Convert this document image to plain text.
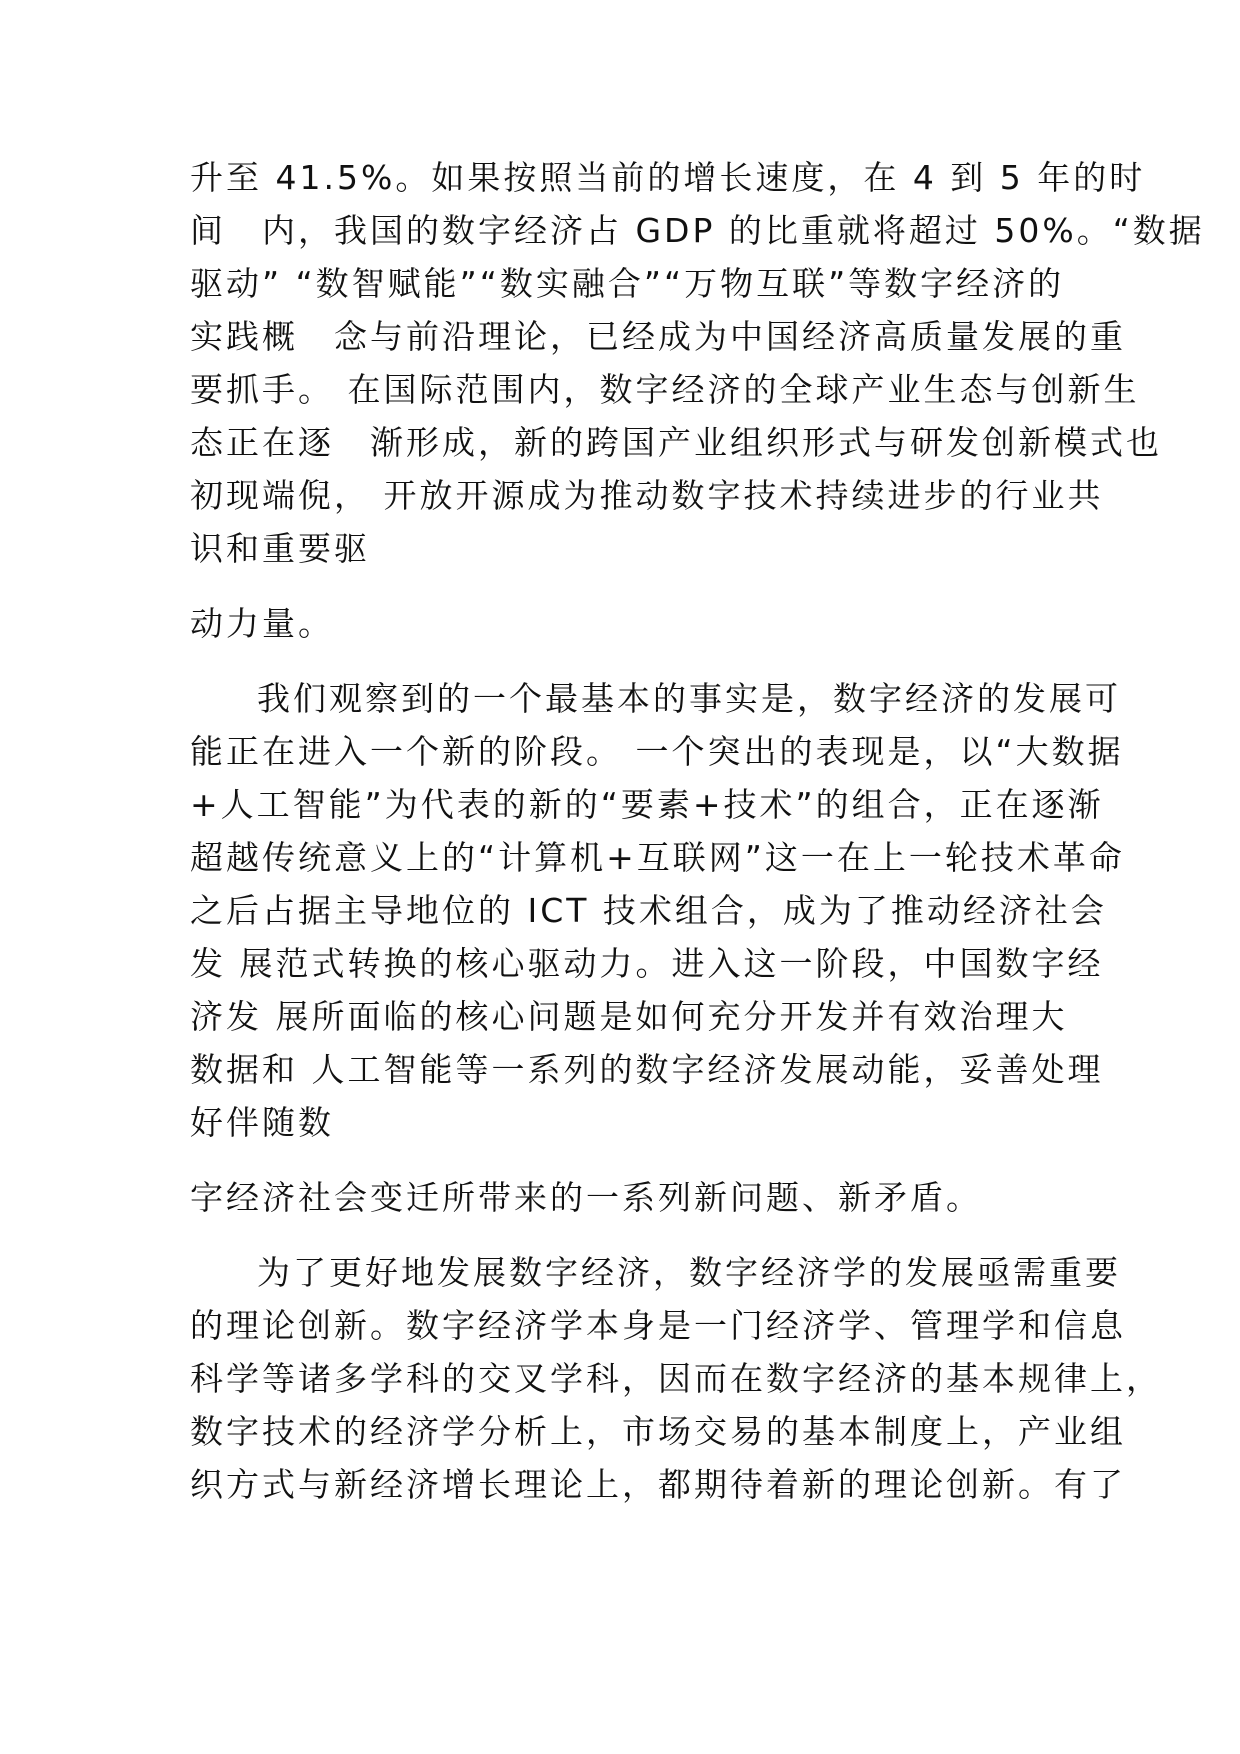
升至 41.5%。如果按照当前的增长速度，在 4 到 5 年的时
间　内，我国的数字经济占 GDP 的比重就将超过 50%。“数据
驱动” “数智赋能”“数实融合”“万物互联”等数字经济的
实践概　念与前沿理论，已经成为中国经济高质量发展的重
要抓手。 在国际范围内，数字经济的全球产业生态与创新生
态正在逐　渐形成，新的跨国产业组织形式与研发创新模式也
初现端倪， 开放开源成为推动数字技术持续进步的行业共
识和重要驱
动力量。
我们观察到的一个最基本的事实是，数字经济的发展可
能正在进入一个新的阶段。 一个突出的表现是，以“大数据
+人工智能”为代表的新的“要素+技术”的组合，正在逐渐
超越传统意义上的“计算机+互联网”这一在上一轮技术革命
之后占据主导地位的 ICT 技术组合，成为了推动经济社会
发 展范式转换的核心驱动力。进入这一阶段，中国数字经
济发 展所面临的核心问题是如何充分开发并有效治理大
数据和 人工智能等一系列的数字经济发展动能，妥善处理
好伴随数
字经济社会变迁所带来的一系列新问题、新矛盾。
为了更好地发展数字经济，数字经济学的发展亟需重要
的理论创新。数字经济学本身是一门经济学、管理学和信息
科学等诸多学科的交叉学科，因而在数字经济的基本规律上，
数字技术的经济学分析上，市场交易的基本制度上，产业组
织方式与新经济增长理论上，都期待着新的理论创新。有了
